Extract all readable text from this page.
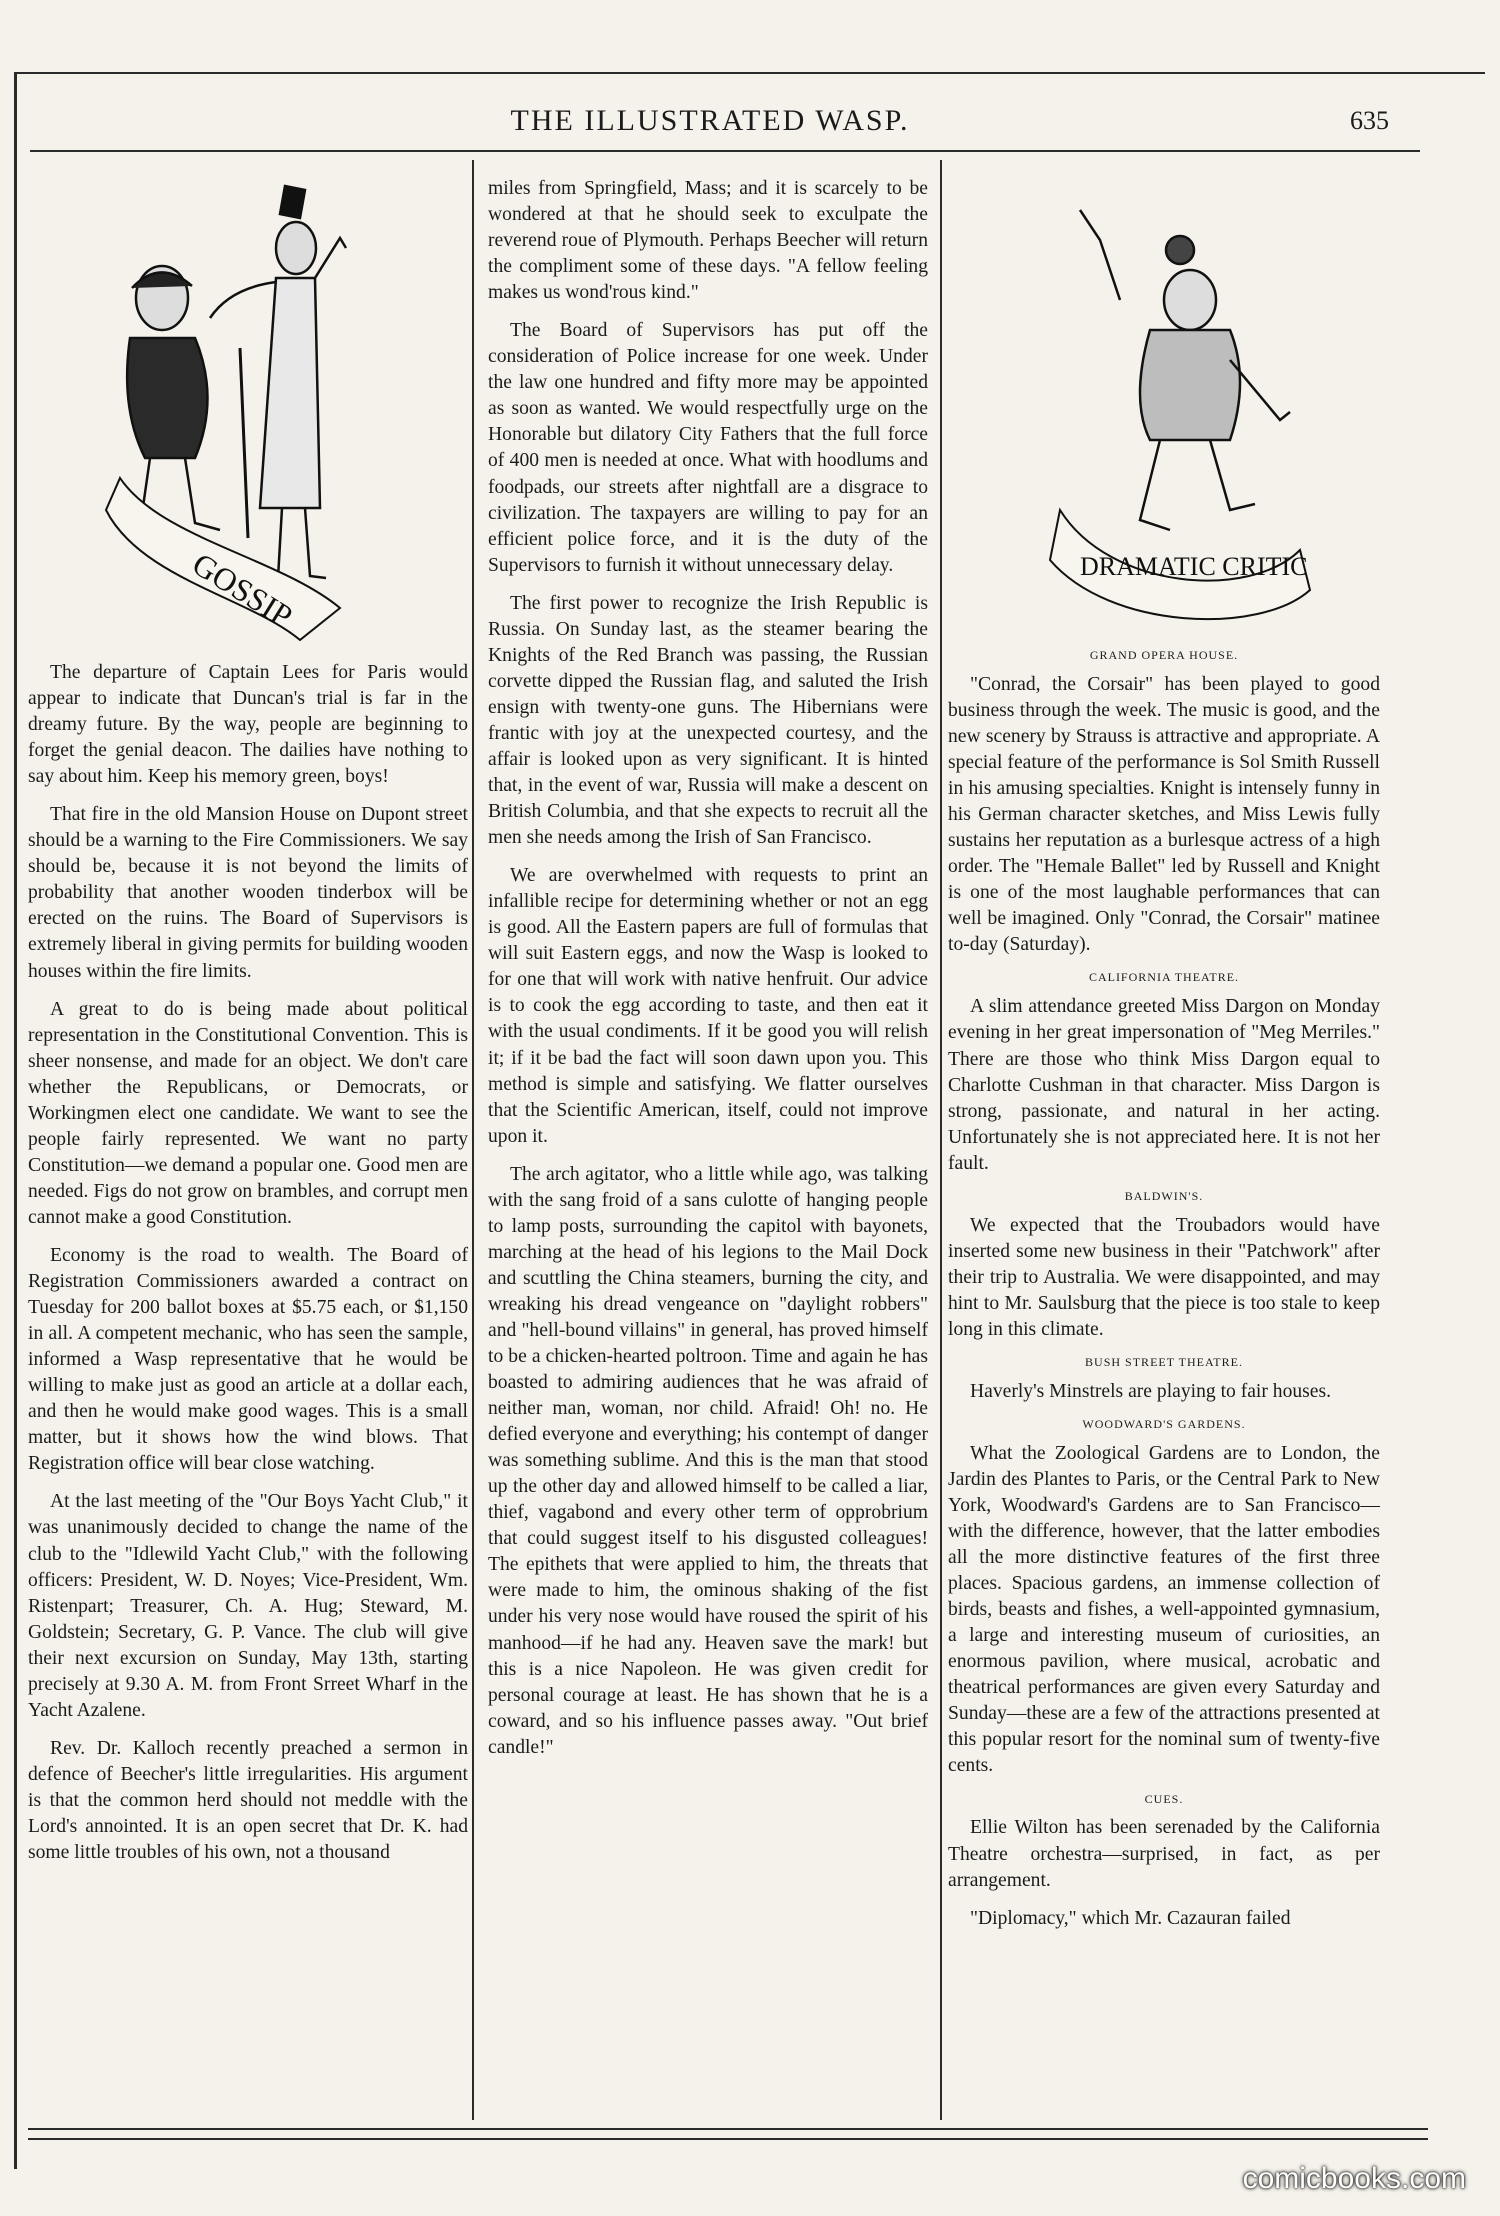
THE ILLUSTRATED WASP.	635
GOSSIP	DRAMATIC CRITIC

The departure of Captain Lees for Paris would appear to indicate that Duncan's trial is far in the dreamy future. By the way, people are beginning to forget the genial deacon. The dailies have nothing to say about him. Keep his memory green, boys!

That fire in the old Mansion House on Dupont street should be a warning to the Fire Commissioners. We say should be, because it is not beyond the limits of probability that another wooden tinderbox will be erected on the ruins. The Board of Supervisors is extremely liberal in giving permits for building wooden houses within the fire limits.

A great to do is being made about political representation in the Constitutional Convention. This is sheer nonsense, and made for an object. We don't care whether the Republicans, or Democrats, or Workingmen elect one candidate. We want to see the people fairly represented. We want no party Constitution—we demand a popular one. Good men are needed. Figs do not grow on brambles, and corrupt men cannot make a good Constitution.

Economy is the road to wealth. The Board of Registration Commissioners awarded a contract on Tuesday for 200 ballot boxes at $5.75 each, or $1,150 in all. A competent mechanic, who has seen the sample, informed a Wasp representative that he would be willing to make just as good an article at a dollar each, and then he would make good wages. This is a small matter, but it shows how the wind blows. That Registration office will bear close watching.

At the last meeting of the "Our Boys Yacht Club," it was unanimously decided to change the name of the club to the "Idlewild Yacht Club," with the following officers: President, W. D. Noyes; Vice-President, Wm. Ristenpart; Treasurer, Ch. A. Hug; Steward, M. Goldstein; Secretary, G. P. Vance. The club will give their next excursion on Sunday, May 13th, starting precisely at 9.30 A. M. from Front Srreet Wharf in the Yacht Azalene.

Rev. Dr. Kalloch recently preached a sermon in defence of Beecher's little irregularities. His argument is that the common herd should not meddle with the Lord's annointed. It is an open secret that Dr. K. had some little troubles of his own, not a thousand

miles from Springfield, Mass; and it is scarcely to be wondered at that he should seek to exculpate the reverend roue of Plymouth. Perhaps Beecher will return the compliment some of these days. "A fellow feeling makes us wond'rous kind."

The Board of Supervisors has put off the consideration of Police increase for one week. Under the law one hundred and fifty more may be appointed as soon as wanted. We would respectfully urge on the Honorable but dilatory City Fathers that the full force of 400 men is needed at once. What with hoodlums and foodpads, our streets after nightfall are a disgrace to civilization. The taxpayers are willing to pay for an efficient police force, and it is the duty of the Supervisors to furnish it without unnecessary delay.

The first power to recognize the Irish Republic is Russia. On Sunday last, as the steamer bearing the Knights of the Red Branch was passing, the Russian corvette dipped the Russian flag, and saluted the Irish ensign with twenty-one guns. The Hibernians were frantic with joy at the unexpected courtesy, and the affair is looked upon as very significant. It is hinted that, in the event of war, Russia will make a descent on British Columbia, and that she expects to recruit all the men she needs among the Irish of San Francisco.

We are overwhelmed with requests to print an infallible recipe for determining whether or not an egg is good. All the Eastern papers are full of formulas that will suit Eastern eggs, and now the Wasp is looked to for one that will work with native henfruit. Our advice is to cook the egg according to taste, and then eat it with the usual condiments. If it be good you will relish it; if it be bad the fact will soon dawn upon you. This method is simple and satisfying. We flatter ourselves that the Scientific American, itself, could not improve upon it.

The arch agitator, who a little while ago, was talking with the sang froid of a sans culotte of hanging people to lamp posts, surrounding the capitol with bayonets, marching at the head of his legions to the Mail Dock and scuttling the China steamers, burning the city, and wreaking his dread vengeance on "daylight robbers" and "hell-bound villains" in general, has proved himself to be a chicken-hearted poltroon. Time and again he has boasted to admiring audiences that he was afraid of neither man, woman, nor child. Afraid! Oh! no. He defied everyone and everything; his contempt of danger was something sublime. And this is the man that stood up the other day and allowed himself to be called a liar, thief, vagabond and every other term of opprobrium that could suggest itself to his disgusted colleagues! The epithets that were applied to him, the threats that were made to him, the ominous shaking of the fist under his very nose would have roused the spirit of his manhood—if he had any. Heaven save the mark! but this is a nice Napoleon. He was given credit for personal courage at least. He has shown that he is a coward, and so his influence passes away. "Out brief candle!"

GRAND OPERA HOUSE.

"Conrad, the Corsair" has been played to good business through the week. The music is good, and the new scenery by Strauss is attractive and appropriate. A special feature of the performance is Sol Smith Russell in his amusing specialties. Knight is intensely funny in his German character sketches, and Miss Lewis fully sustains her reputation as a burlesque actress of a high order. The "Hemale Ballet" led by Russell and Knight is one of the most laughable performances that can well be imagined. Only "Conrad, the Corsair" matinee to-day (Saturday).

CALIFORNIA THEATRE.

A slim attendance greeted Miss Dargon on Monday evening in her great impersonation of "Meg Merriles." There are those who think Miss Dargon equal to Charlotte Cushman in that character. Miss Dargon is strong, passionate, and natural in her acting. Unfortunately she is not appreciated here. It is not her fault.

BALDWIN'S.

We expected that the Troubadors would have inserted some new business in their "Patchwork" after their trip to Australia. We were disappointed, and may hint to Mr. Saulsburg that the piece is too stale to keep long in this climate.

BUSH STREET THEATRE.

Haverly's Minstrels are playing to fair houses.

WOODWARD'S GARDENS.

What the Zoological Gardens are to London, the Jardin des Plantes to Paris, or the Central Park to New York, Woodward's Gardens are to San Francisco—with the difference, however, that the latter embodies all the more distinctive features of the first three places. Spacious gardens, an immense collection of birds, beasts and fishes, a well-appointed gymnasium, a large and interesting museum of curiosities, an enormous pavilion, where musical, acrobatic and theatrical performances are given every Saturday and Sunday—these are a few of the attractions presented at this popular resort for the nominal sum of twenty-five cents.

CUES.

Ellie Wilton has been serenaded by the California Theatre orchestra—surprised, in fact, as per arrangement.

"Diplomacy," which Mr. Cazauran failed

comicbooks.com
